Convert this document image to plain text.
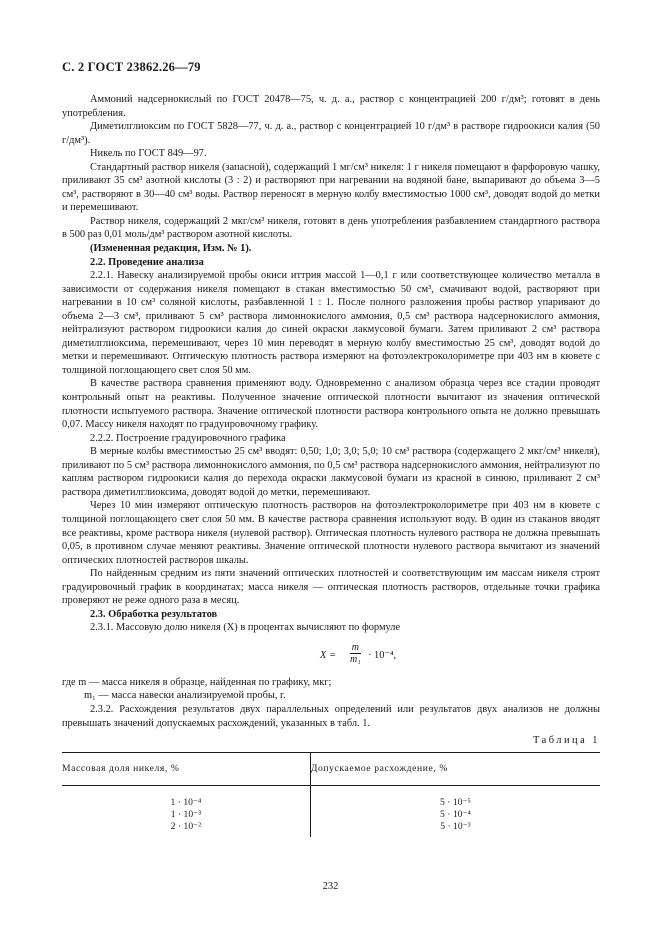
С. 2 ГОСТ 23862.26—79

Аммоний надсернокислый по ГОСТ 20478—75, ч. д. а., раствор с концентрацией 200 г/дм³; готовят в день употребления.

Диметилглиоксим по ГОСТ 5828—77, ч. д. а., раствор с концентрацией 10 г/дм³ в растворе гидроокиси калия (50 г/дм³).

Никель по ГОСТ 849—97.

Стандартный раствор никеля (запасной), содержащий 1 мг/см³ никеля: 1 г никеля помещают в фарфоровую чашку, приливают 35 см³ азотной кислоты (3 : 2) и растворяют при нагревании на водяной бане, выпаривают до объема 3—5 см³, растворяют в 30—40 см³ воды. Раствор переносят в мерную колбу вместимостью 1000 см³, доводят водой до метки и перемешивают.

Раствор никеля, содержащий 2 мкг/см³ никеля, готовят в день употребления разбавлением стандартного раствора в 500 раз 0,01 моль/дм³ раствором азотной кислоты.

(Измененная редакция, Изм. № 1).

2.2. Проведение анализа

2.2.1. Навеску анализируемой пробы окиси иттрия массой 1—0,1 г или соответствующее количество металла в зависимости от содержания никеля помещают в стакан вместимостью 50 см³, смачивают водой, растворяют при нагревании в 10 см³ соляной кислоты, разбавленной 1 : 1. После полного разложения пробы раствор упаривают до объема 2—3 см³, приливают 5 см³ раствора лимоннокислого аммония, 0,5 см³ раствора надсернокислого аммония, нейтрализуют раствором гидроокиси калия до синей окраски лакмусовой бумаги. Затем приливают 2 см³ раствора диметилглиоксима, перемешивают, через 10 мин переводят в мерную колбу вместимостью 25 см³, доводят водой до метки и перемешивают. Оптическую плотность раствора измеряют на фотоэлектроколориметре при 403 нм в кювете с толщиной поглощающего свет слоя 50 мм.

В качестве раствора сравнения применяют воду. Одновременно с анализом образца через все стадии проводят контрольный опыт на реактивы. Полученное значение оптической плотности вычитают из значения оптической плотности испытуемого раствора. Значение оптической плотности раствора контрольного опыта не должно превышать 0,07. Массу никеля находят по градуировочному графику.

2.2.2. Построение градуировочного графика

В мерные колбы вместимостью 25 см³ вводят: 0,50; 1,0; 3,0; 5,0; 10 см³ раствора (содержащего 2 мкг/см³ никеля), приливают по 5 см³ раствора лимоннокислого аммония, по 0,5 см³ раствора надсернокислого аммония, нейтрализуют по каплям раствором гидроокиси калия до перехода окраски лакмусовой бумаги из красной в синюю, приливают 2 см³ раствора диметилглиоксима, доводят водой до метки, перемешивают.

Через 10 мин измеряют оптическую плотность растворов на фотоэлектроколориметре при 403 нм в кювете с толщиной поглощающего свет слоя 50 мм. В качестве раствора сравнения используют воду. В один из стаканов вводят все реактивы, кроме раствора никеля (нулевой раствор). Оптическая плотность нулевого раствора не должна превышать 0,05, в противном случае меняют реактивы. Значение оптической плотности нулевого раствора вычитают из значений оптических плотностей растворов шкалы.

По найденным средним из пяти значений оптических плотностей и соответствующим им массам никеля строят градуировочный график в координатах; масса никеля — оптическая плотность растворов, отдельные точки графика проверяют не реже одного раза в месяц.

2.3. Обработка результатов

2.3.1. Массовую долю никеля (X) в процентах вычисляют по формуле

$X = \frac{m}{\text{m₁}} \cdot 10^{-4}$,

где m — масса никеля в образце, найденная по графику, мкг;

m₁ — масса навески анализируемой пробы, г.

2.3.2. Расхождения результатов двух параллельных определений или результатов двух анализов не должны превышать значений допускаемых расхождений, указанных в табл. 1.

Таблица 1
Массовая доля никеля, %	Допускаемое расхождение, %
1 · 10⁻⁴	5 · 10⁻⁵
1 · 10⁻³	5 · 10⁻⁴
2 · 10⁻²	5 · 10⁻³
232
